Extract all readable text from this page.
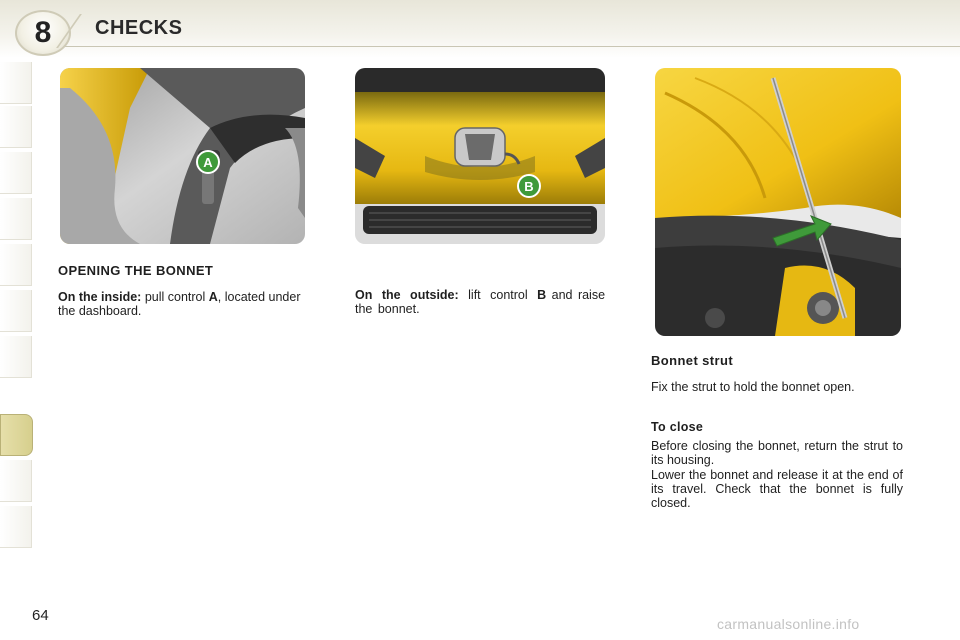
8	CHECKS
A
B
OPENING THE BONNET
On the inside: pull control A, located under the dashboard.
On the outside: lift control B and raise the bonnet.
Bonnet strut
Fix the strut to hold the bonnet open.
To close
Before closing the bonnet, return the strut to its housing.
Lower the bonnet and release it at the end of its travel. Check that the bonnet is fully closed.
64	carmanualsonline.info
